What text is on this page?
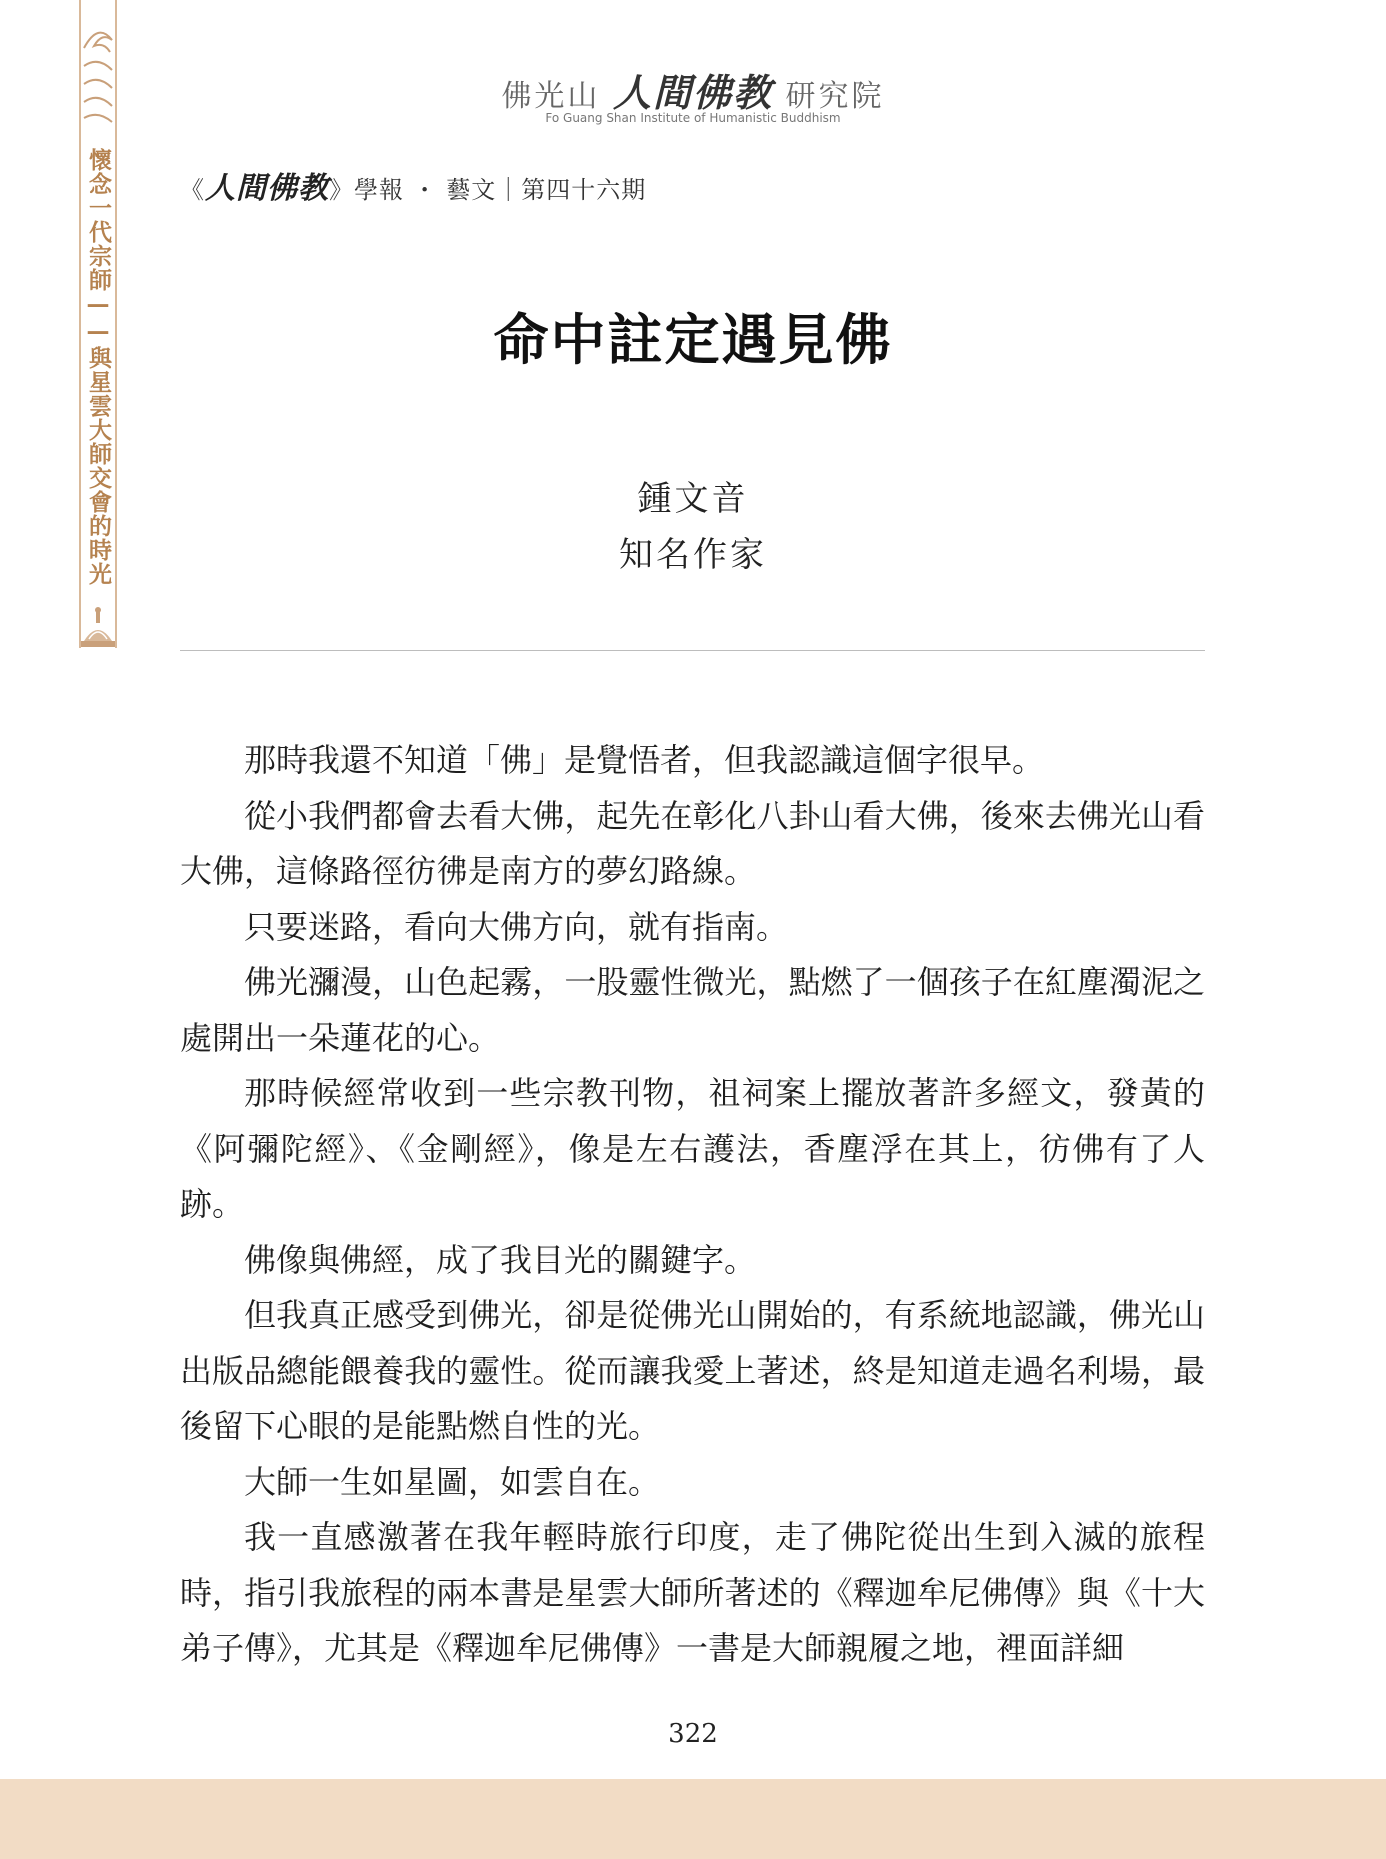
懷念一代宗師——與星雲大師交會的時光
佛光山 人間佛教 研究院
Fo Guang Shan Institute of Humanistic Buddhism
《人間佛教》學報 ・ 藝文｜第四十六期
命中註定遇見佛
鍾文音
知名作家

那時我還不知道「佛」是覺悟者，但我認識這個字很早。

從小我們都會去看大佛，起先在彰化八卦山看大佛，後來去佛光山看大佛，這條路徑彷彿是南方的夢幻路線。

只要迷路，看向大佛方向，就有指南。

佛光瀰漫，山色起霧，一股靈性微光，點燃了一個孩子在紅塵濁泥之處開出一朵蓮花的心。

那時候經常收到一些宗教刊物，祖祠案上擺放著許多經文，發黃的《阿彌陀經》、《金剛經》，像是左右護法，香塵浮在其上，彷佛有了人跡。

佛像與佛經，成了我目光的關鍵字。

但我真正感受到佛光，卻是從佛光山開始的，有系統地認識，佛光山出版品總能餵養我的靈性。從而讓我愛上著述，終是知道走過名利場，最後留下心眼的是能點燃自性的光。

大師一生如星圖，如雲自在。

我一直感激著在我年輕時旅行印度，走了佛陀從出生到入滅的旅程時，指引我旅程的兩本書是星雲大師所著述的《釋迦牟尼佛傳》與《十大弟子傳》，尤其是《釋迦牟尼佛傳》一書是大師親履之地，裡面詳細

322
